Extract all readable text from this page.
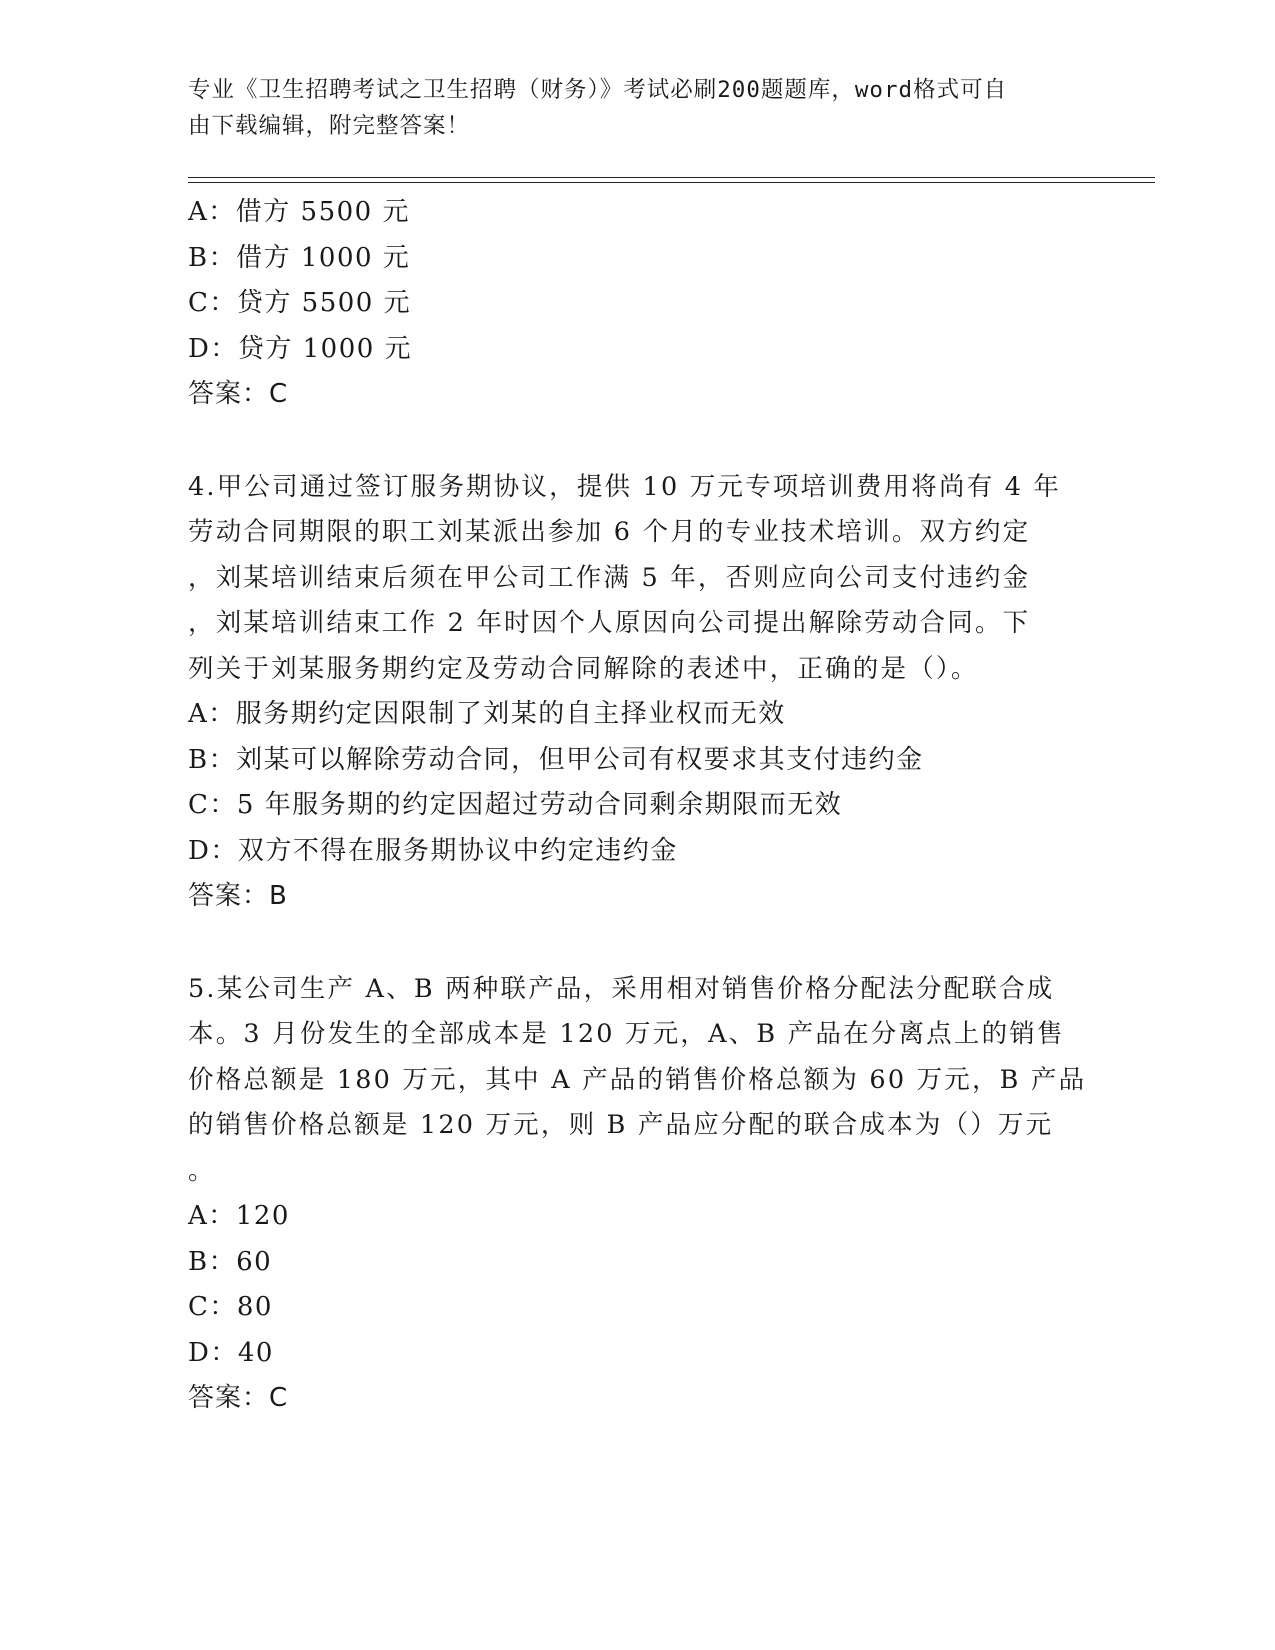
专业《卫生招聘考试之卫生招聘（财务）》考试必刷200题题库，word格式可自
由下载编辑，附完整答案！
A：借方 5500 元
B：借方 1000 元
C：贷方 5500 元
D：贷方 1000 元
答案：C
4.甲公司通过签订服务期协议，提供 10 万元专项培训费用将尚有 4 年
劳动合同期限的职工刘某派出参加 6 个月的专业技术培训。双方约定
，刘某培训结束后须在甲公司工作满 5 年，否则应向公司支付违约金
，刘某培训结束工作 2 年时因个人原因向公司提出解除劳动合同。下
列关于刘某服务期约定及劳动合同解除的表述中，正确的是（）。
A：服务期约定因限制了刘某的自主择业权而无效
B：刘某可以解除劳动合同，但甲公司有权要求其支付违约金
C：5 年服务期的约定因超过劳动合同剩余期限而无效
D：双方不得在服务期协议中约定违约金
答案：B
5.某公司生产 A、B 两种联产品，采用相对销售价格分配法分配联合成
本。3 月份发生的全部成本是 120 万元，A、B 产品在分离点上的销售
价格总额是 180 万元，其中 A 产品的销售价格总额为 60 万元，B 产品
的销售价格总额是 120 万元，则 B 产品应分配的联合成本为（）万元
。
A：120
B：60
C：80
D：40
答案：C
